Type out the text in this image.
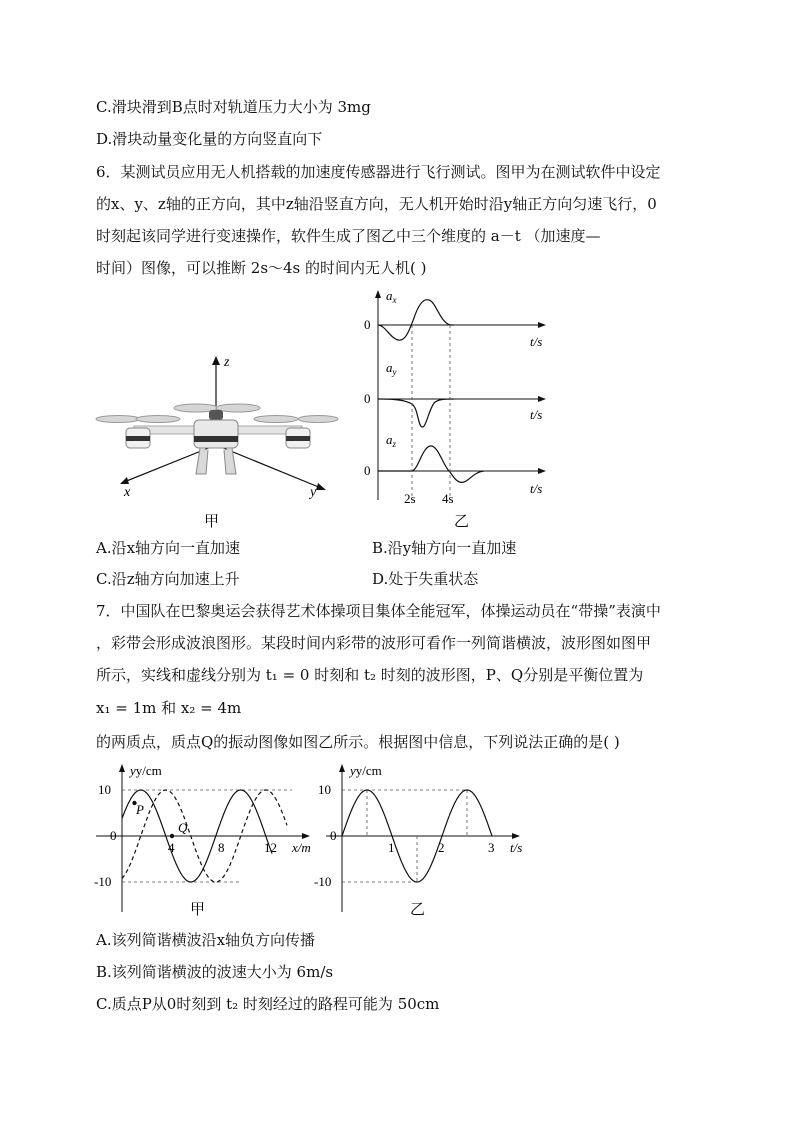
C.滑块滑到B点时对轨道压力大小为 3mg
D.滑块动量变化量的方向竖直向下
6．某测试员应用无人机搭载的加速度传感器进行飞行测试。图甲为在测试软件中设定
的x、y、z轴的正方向，其中z轴沿竖直方向，无人机开始时沿y轴正方向匀速飞行，0
时刻起该同学进行变速操作，软件生成了图乙中三个维度的 a－t （加速度—
时间）图像，可以推断 2s～4s 的时间内无人机( )
z
x	y
甲
$a_x$
$a_y$
$a_z$
0
0
0
t/s
t/s
t/s
2s 4s
乙
A.沿x轴方向一直加速	B.沿y轴方向一直加速
C.沿z轴方向加速上升	D.处于失重状态
7．中国队在巴黎奥运会获得艺术体操项目集体全能冠军，体操运动员在“带操”表演中
，彩带会形成波浪图形。某段时间内彩带的波形可看作一列简谐横波，波形图如图甲
所示，实线和虚线分别为 t₁ = 0 时刻和 t₂ 时刻的波形图，P、Q分别是平衡位置为
x₁ = 1m 和 x₂ = 4m
的两质点，质点Q的振动图像如图乙所示。根据图中信息，下列说法正确的是( )
10
-10
0
yy/cm
P
Q
4	8	12 x/m
甲
10
-10
0
yy/cm
1	2	3 t/s
乙
A.该列简谐横波沿x轴负方向传播
B.该列简谐横波的波速大小为 6m/s
C.质点P从0时刻到 t₂ 时刻经过的路程可能为 50cm
